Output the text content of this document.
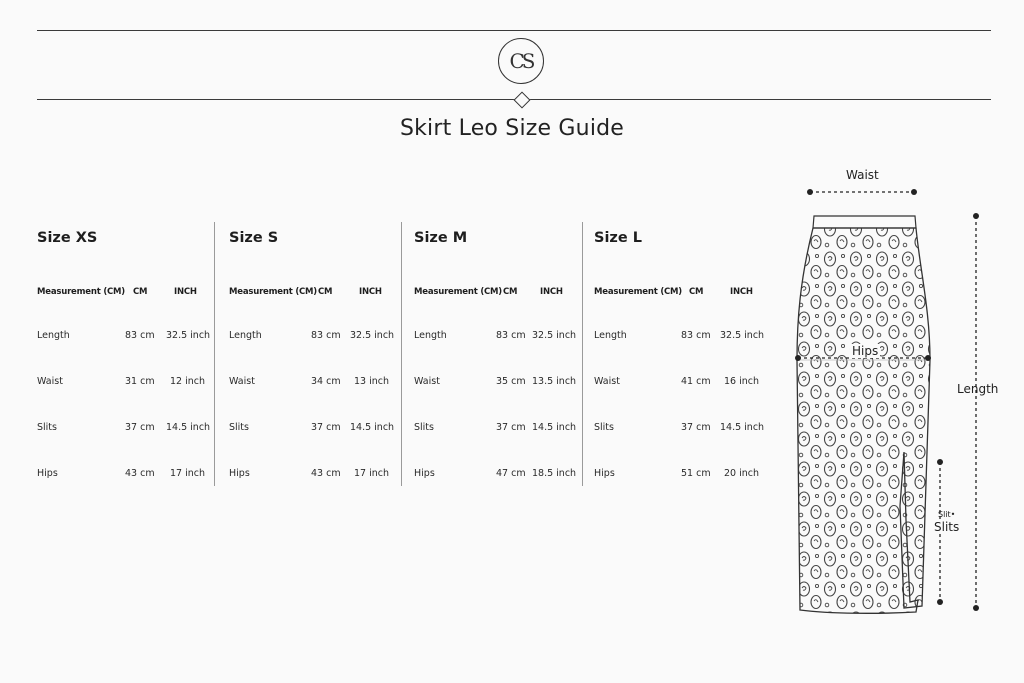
CS
Skirt Leo Size Guide
Size XS
Measurement (CM) CM	INCH
Length	83 cm 32.5 inch
Waist	31 cm 12 inch
Slits	37 cm 14.5 inch
Hips	43 cm 17 inch
Size S
Measurement (CM) CM	INCH
Length	83 cm 32.5 inch
Waist	34 cm 13 inch
Slits	37 cm 14.5 inch
Hips	43 cm 17 inch
Size M
Measurement (CM) CM	INCH
Length	83 cm 32.5 inch
Waist	35 cm 13.5 inch
Slits	37 cm 14.5 inch
Hips	47 cm 18.5 inch
Size L
Measurement (CM) CM	INCH
Length	83 cm 32.5 inch
Waist	41 cm 16 inch
Slits	37 cm 14.5 inch
Hips	51 cm 20 inch
Waist
Hips
Length
Slit•
Slits
